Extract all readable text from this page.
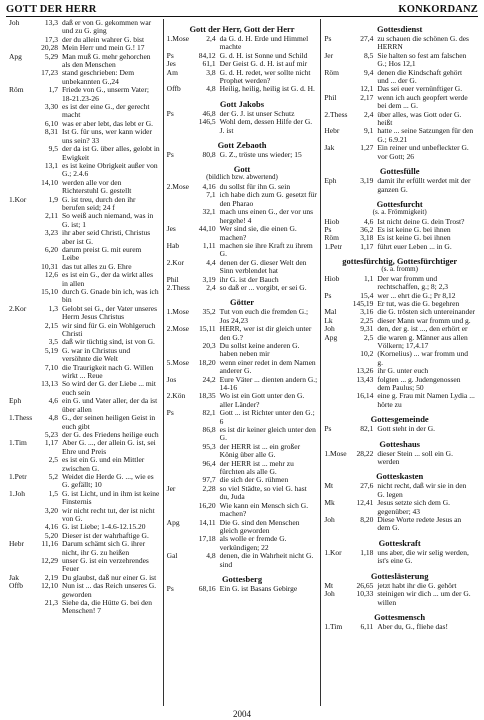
GOTT DER HERR	KONKORDANZ
Joh	13,3 daß er von G. gekommen war und zu G. ging
17,3 der du allein wahrer G. bist
20,28 Mein Herr und mein G.! 17
Apg	5,29 Man muß G. mehr gehorchen als den Menschen
17,23 stand geschrieben: Dem unbekannten G.,24
Röm	1,7 Friede von G., unserm Vater; 18-21.23-26
3,30 es ist der eine G., der gerecht macht
6,10 was er aber lebt, das lebt er G.
8,31 Ist G. für uns, wer kann wider uns sein? 33
9,5 der da ist G. über alles, gelobt in Ewigkeit
13,1 es ist keine Obrigkeit außer von G.; 2.4.6
14,10 werden alle vor den Richterstuhl G. gestellt
1.Kor	1,9 G. ist treu, durch den ihr berufen seid; 24 f
2,11 So weiß auch niemand, was in G. ist; 1
3,23 ihr aber seid Christi, Christus aber ist G.
6,20 darum preist G. mit eurem Leibe
10,31 das tut alles zu G. Ehre
12,6 es ist ein G., der da wirkt alles in allen
15,10 durch G. Gnade bin ich, was ich bin
2.Kor	1,3 Gelobt sei G., der Vater unseres Herrn Jesus Christus
2,15 wir sind für G. ein Wohlgeruch Christi
3,5 daß wir tüchtig sind, ist von G.
5,19 G. war in Christus und versöhnte die Welt
7,10 die Traurigkeit nach G. Willen wirkt ... Reue
13,13 So wird der G. der Liebe ... mit euch sein
Eph	4,6 ein G. und Vater aller, der da ist über allen
1.Thess	4,8 G., der seinen heiligen Geist in euch gibt
5,23 der G. des Friedens heilige euch
1.Tim	1,17 Aber G. ..., der allein G. ist, sei Ehre und Preis
2,5 es ist ein G. und ein Mittler zwischen G.
1.Petr	5,2 Weidet die Herde G. ..., wie es G. gefällt; 10
1.Joh	1,5 G. ist Licht, und in ihm ist keine Finsternis
3,20 wir nicht recht tut, der ist nicht von G.
4,16 G. ist Liebe; 1-4.6-12.15.20
5,20 Dieser ist der wahrhaftige G.
Hebr	11,16 Darum schämt sich G. ihrer nicht, ihr G. zu heißen
12,29 unser G. ist ein verzehrendes Feuer
Jak	2,19 Du glaubst, daß nur einer G. ist
Offb	12,10 Nun ist ... das Reich unseres G. geworden
21,3 Siehe da, die Hütte G. bei den Menschen! 7
Gott der Herr, Gott der Herr
1.Mose	2,4 da G. d. H. Erde und Himmel machte
Ps	84,12 G. d. H. ist Sonne und Schild
Jes	61,1 Der Geist G. d. H. ist auf mir
Am	3,8 G. d. H. redet, wer sollte nicht Prophet werden?
Offb	4,8 Heilig, heilig, heilig ist G. d. H.
Gott Jakobs
Ps	46,8 der G. J. ist unser Schutz
146,5 Wohl dem, dessen Hilfe der G. J. ist
Gott Zebaoth
Ps	80,8 G. Z., tröste uns wieder; 15
Gott
(bildlich bzw. abwertend)
2.Mose	4,16 du sollst für ihn G. sein
7,1 ich habe dich zum G. gesetzt für den Pharao
32,1 mach uns einen G., der vor uns hergehe! 4
Jes	44,10 Wer sind sie, die einen G. machen?
Hab	1,11 machen sie ihre Kraft zu ihrem G.
2.Kor	4,4 denen der G. dieser Welt den Sinn verblendet hat
Phil	3,19 ihr G. ist der Bauch
2.Thess	2,4 so daß er ... vorgibt, er sei G.
Götter
1.Mose	35,2 Tut von euch die fremden G.; Jos 24,23
2.Mose	15,11 HERR, wer ist dir gleich unter den G.?
20,3 Du sollst keine anderen G. haben neben mir
5.Mose	18,20 wenn einer redet in dem Namen anderer G.
Jos	24,2 Eure Väter ... dienten andern G.; 14-16
2.Kön	18,35 Wo ist ein Gott unter den G. aller Länder?
Ps	82,1 Gott ... ist Richter unter den G.; 6
86,8 es ist dir keiner gleich unter den G.
95,3 der HERR ist ... ein großer König über alle G.
96,4 der HERR ist ... mehr zu fürchten als alle G.
97,7 die sich der G. rühmen
Jer	2,28 so viel Städte, so viel G. hast du, Juda
16,20 Wie kann ein Mensch sich G. machen?
Apg	14,11 Die G. sind den Menschen gleich geworden
17,18 als wolle er fremde G. verkündigen; 22
Gal	4,8 denen, die in Wahrheit nicht G. sind
Gottesberg
Ps	68,16 Ein G. ist Basans Gebirge
Gottesdienst
Ps	27,4 zu schauen die schönen G. des HERRN
Jer	8,5 Sie halten so fest am falschen G.; Hos 12,1
Röm	9,4 denen die Kindschaft gehört und ... der G.
12,1 Das sei euer vernünftiger G.
Phil	2,17 wenn ich auch geopfert werde bei dem ... G.
2.Thess	2,4 über alles, was Gott oder G. heißt
Hebr	9,1 hatte ... seine Satzungen für den G.; 6.9.21
Jak	1,27 Ein reiner und unbefleckter G. vor Gott; 26
Gottesfülle
Eph	3,19 damit ihr erfüllt werdet mit der ganzen G.
Gottesfurcht
(s. a. Frömmigkeit)
Hiob	4,6 Ist nicht deine G. dein Trost?
Ps	36,2 Es ist keine G. bei ihnen
Röm	3,18 Es ist keine G. bei ihnen
1.Petr	1,17 führt euer Leben ... in G.
gottesfürchtig, Gottesfürchtiger
(s. a. fromm)
Hiob	1,1 Der war fromm und rechtschaffen, g.; 8; 2,3
Ps	15,4 wer ... ehrt die G.; Pr 8,12
145,19 Er tut, was die G. begehren
Mal	3,16 die G. trösten sich untereinander
Lk	2,25 dieser Mann war fromm und g.
Joh	9,31 den, der g. ist ..., den erhört er
Apg	2,5 die waren g. Männer aus allen Völkern; 17,4.17
10,2 (Kornelius) ... war fromm und g.
13,26 ihr G. unter euch
13,43 folgten ... g. Judengenossen dem Paulus; 50
16,14 eine g. Frau mit Namen Lydia ... hörte zu
Gottesgemeinde
Ps	82,1 Gott steht in der G.
Gotteshaus
1.Mose	28,22 dieser Stein ... soll ein G. werden
Gotteskasten
Mt	27,6 nicht recht, daß wir sie in den G. legen
Mk	12,41 Jesus setzte sich dem G. gegenüber; 43
Joh	8,20 Diese Worte redete Jesus an dem G.
Gotteskraft
1.Kor	1,18 uns aber, die wir selig werden, ist's eine G.
Gotteslästerung
Mt	26,65 jetzt habt ihr die G. gehört
Joh	10,33 steinigen wir dich ... um der G. willen
Gottesmensch
1.Tim	6,11 Aber du, G., fliehe das!
2004
